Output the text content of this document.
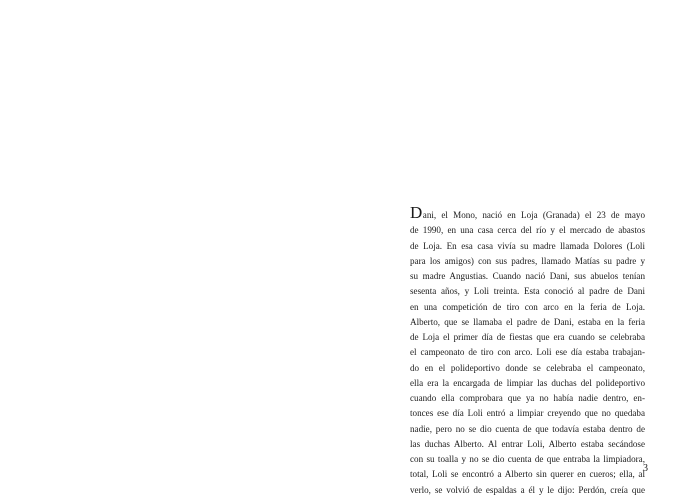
Dani, el Mono, nació en Loja (Granada) el 23 de mayo
de 1990, en una casa cerca del río y el mercado de abastos
de Loja. En esa casa vivía su madre llamada Dolores (Loli
para los amigos) con sus padres, llamado Matías su padre y
su madre Angustias. Cuando nació Dani, sus abuelos tenían
sesenta años, y Loli treinta. Esta conoció al padre de Dani
en una competición de tiro con arco en la feria de Loja.
Alberto, que se llamaba el padre de Dani, estaba en la feria
de Loja el primer día de fiestas que era cuando se celebraba
el campeonato de tiro con arco. Loli ese día estaba trabajan-
do en el polideportivo donde se celebraba el campeonato,
ella era la encargada de limpiar las duchas del polideportivo
cuando ella comprobara que ya no había nadie dentro, en-
tonces ese día Loli entró a limpiar creyendo que no quedaba
nadie, pero no se dio cuenta de que todavía estaba dentro de
las duchas Alberto. Al entrar Loli, Alberto estaba secándose
con su toalla y no se dio cuenta de que entraba la limpiadora,
total, Loli se encontró a Alberto sin querer en cueros; ella, al
verlo, se volvió de espaldas a él y le dijo: Perdón, creía que
3
